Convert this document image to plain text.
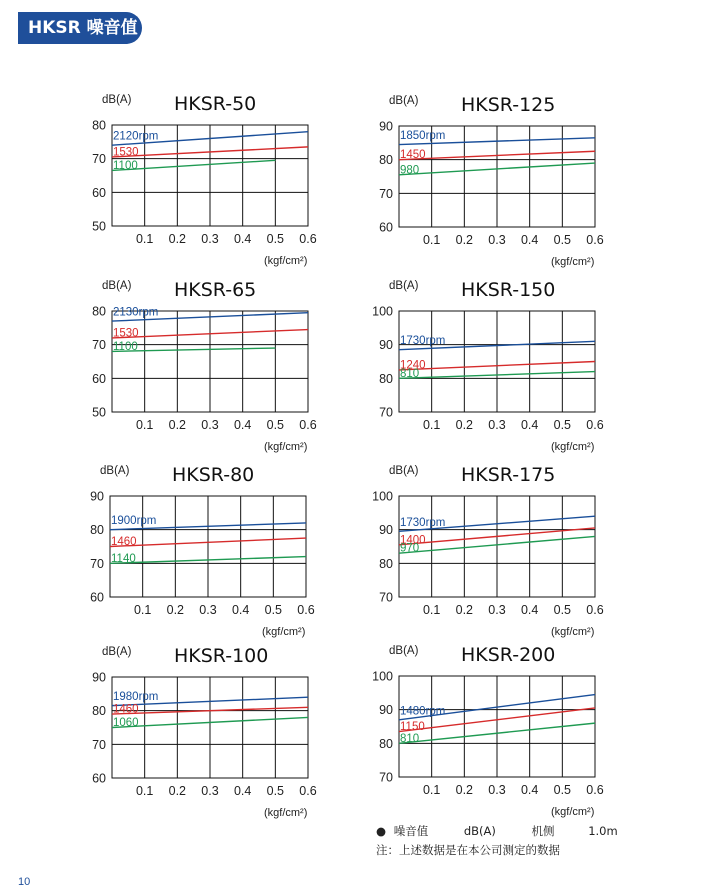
HKSR 噪音值
50
60
70
80
0.1 0.2 0.3 0.4 0.5 0.6
(kgf/cm²)
dB(A) HKSR-50
2120rpm
1530
1100
60
70
80
90
0.1 0.2 0.3 0.4 0.5 0.6
(kgf/cm²)
dB(A) HKSR-125
1850rpm
1450
980
50
60
70
80
0.1 0.2 0.3 0.4 0.5 0.6
(kgf/cm²)
dB(A) HKSR-65
2130rpm
1530
1100
70
80
90
100
0.1 0.2 0.3 0.4 0.5 0.6
(kgf/cm²)
dB(A) HKSR-150
1730rpm
1240
810
60
70
80
90
0.1 0.2 0.3 0.4 0.5 0.6
(kgf/cm²)
dB(A) HKSR-80
1900rpm
1460
1140
70
80
90
100
0.1 0.2 0.3 0.4 0.5 0.6
(kgf/cm²)
dB(A) HKSR-175
1730rpm
1400
970
60
70
80
90
0.1 0.2 0.3 0.4 0.5 0.6
(kgf/cm²)
dB(A) HKSR-100
1980rpm
1460
1060
70
80
90
100
0.1 0.2 0.3 0.4 0.5 0.6
(kgf/cm²)
dB(A) HKSR-200
1480rpm
1150
810
● 噪音值	dB(A)	机侧	1.0m
注：上述数据是在本公司测定的数据
10
